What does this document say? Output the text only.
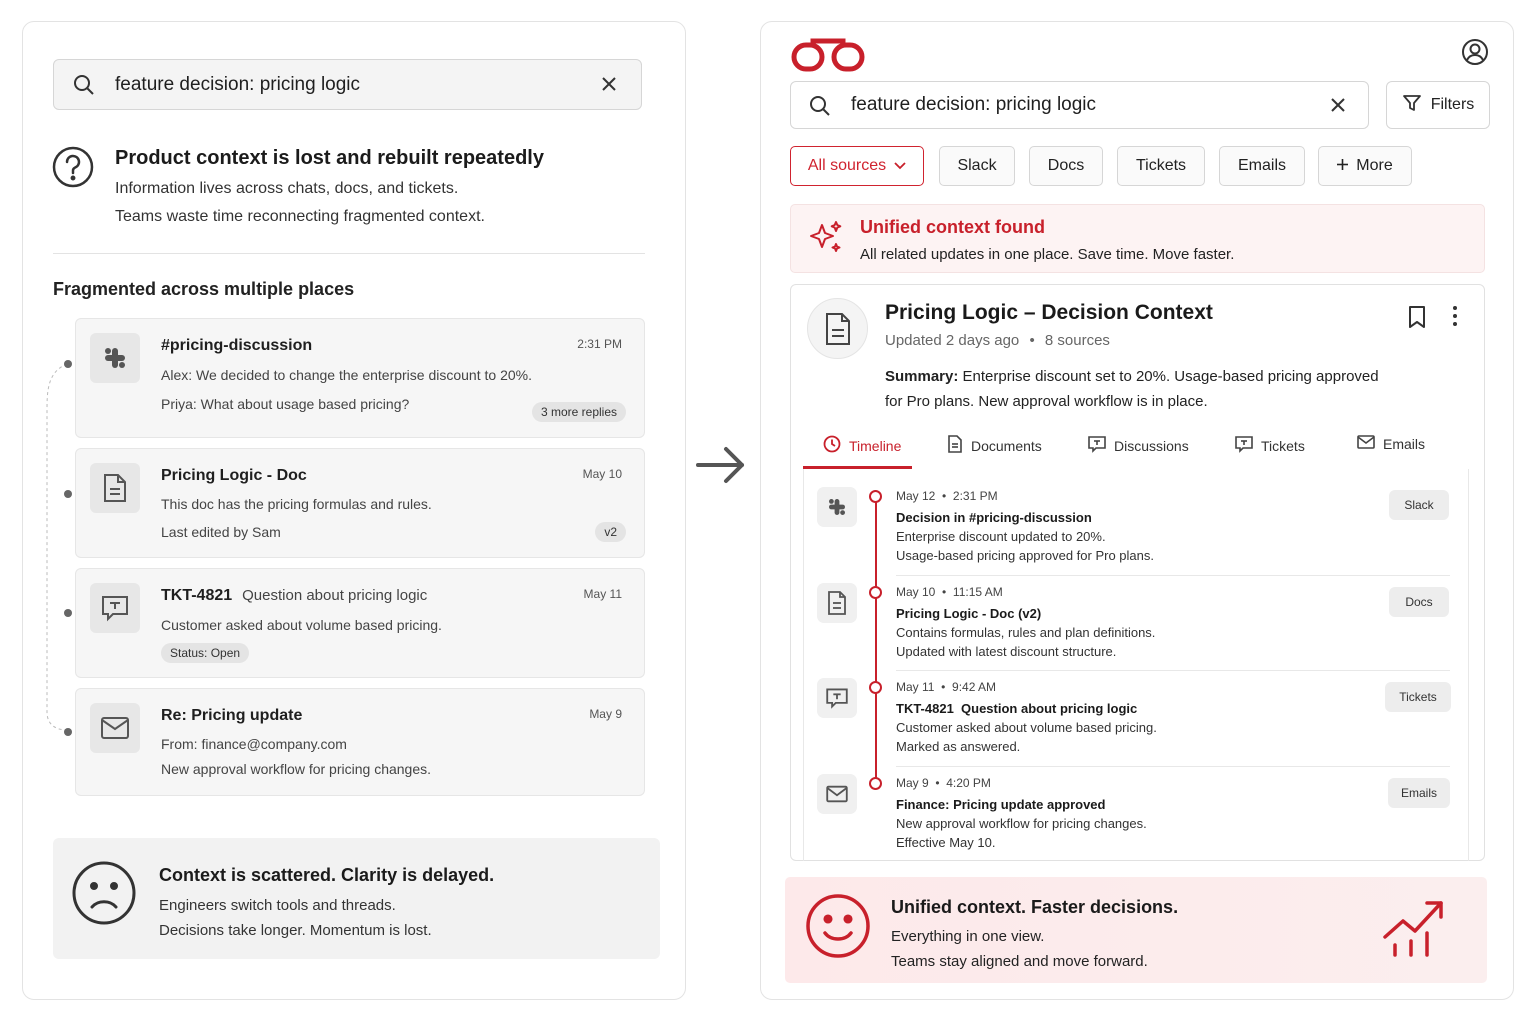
feature decision: pricing logic
Product context is lost and rebuilt repeatedly
Information lives across chats, docs, and tickets.
Teams waste time reconnecting fragmented context.
Fragmented across multiple places
#pricing-discussion	2:31 PM
Alex: We decided to change the enterprise discount to 20%.
Priya: What about usage based pricing?	3 more replies
Pricing Logic - Doc	May 10
This doc has the pricing formulas and rules.
Last edited by Sam	v2
TKT-4821 Question about pricing logic	May 11
Customer asked about volume based pricing.
Status: Open
Re: Pricing update	May 9
From: finance@company.com
New approval workflow for pricing changes.
Context is scattered. Clarity is delayed.
Engineers switch tools and threads.
Decisions take longer. Momentum is lost.
feature decision: pricing logic	Filters
All sources	Slack	Docs	Tickets	Emails	More
Unified context found
All related updates in one place. Save time. Move faster.
Pricing Logic – Decision Context
Updated 2 days ago • 8 sources
Summary: Enterprise discount set to 20%. Usage-based pricing approved
for Pro plans. New approval workflow is in place.
Timeline	Documents	Discussions	Tickets	Emails
May 12  •  2:31 PM
Decision in #pricing-discussion
Enterprise discount updated to 20%.
Usage-based pricing approved for Pro plans.
Slack
May 10  •  11:15 AM
Pricing Logic - Doc (v2)
Contains formulas, rules and plan definitions.
Updated with latest discount structure.
Docs
May 11  •  9:42 AM
TKT-4821  Question about pricing logic
Customer asked about volume based pricing.
Marked as answered.
Tickets
May 9  •  4:20 PM
Finance: Pricing update approved
New approval workflow for pricing changes.
Effective May 10.
Emails
Unified context. Faster decisions.
Everything in one view.
Teams stay aligned and move forward.
